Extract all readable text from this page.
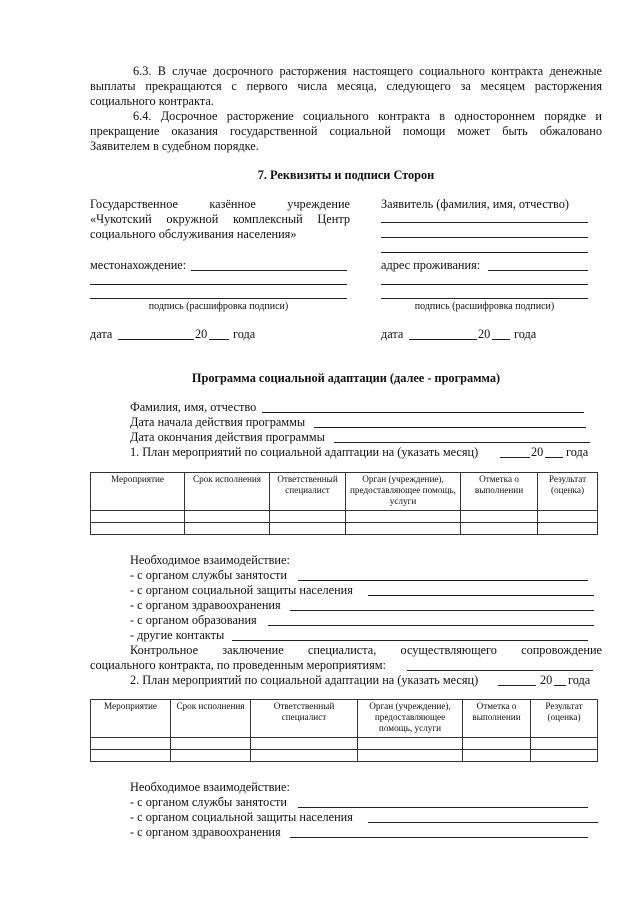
6.3. В случае досрочного расторжения настоящего социального контракта денежные
выплаты прекращаются с первого числа месяца, следующего за месяцем расторжения
социального контракта.
6.4. Досрочное расторжение социального контракта в одностороннем порядке и
прекращение оказания государственной социальной помощи может быть обжаловано
Заявителем в судебном порядке.
7. Реквизиты и подписи Сторон
Государственное казённое учреждение
«Чукотский окружной комплексный Центр
социального обслуживания населения»
местонахождение:
подпись (расшифровка подписи)
дата	20 года
Заявитель (фамилия, имя, отчество)
адрес проживания:
подпись (расшифровка подписи)
дата	20 года
Программа социальной адаптации (далее - программа)
Фамилия, имя, отчество
Дата начала действия программы
Дата окончания действия программы
1. План мероприятий по социальной адаптации на (указать месяц)	20 года
Мероприятие	Срок исполнения	Ответственный специалист	Орган (учреждение), предоставляющее помощь, услуги	Отметка о выполнении	Результат (оценка)

Необходимое взаимодействие:
- с органом службы занятости
- с органом социальной защиты населения
- с органом здравоохранения
- с органом образования
- другие контакты
Контрольное заключение специалиста, осуществляющего сопровождение
социального контракта, по проведенным мероприятиям:
2. План мероприятий по социальной адаптации на (указать месяц)	20 года
Мероприятие	Срок исполнения	Ответственный специалист	Орган (учреждение), предоставляющее помощь, услуги	Отметка о выполнении	Результат (оценка)

Необходимое взаимодействие:
- с органом службы занятости
- с органом социальной защиты населения
- с органом здравоохранения
